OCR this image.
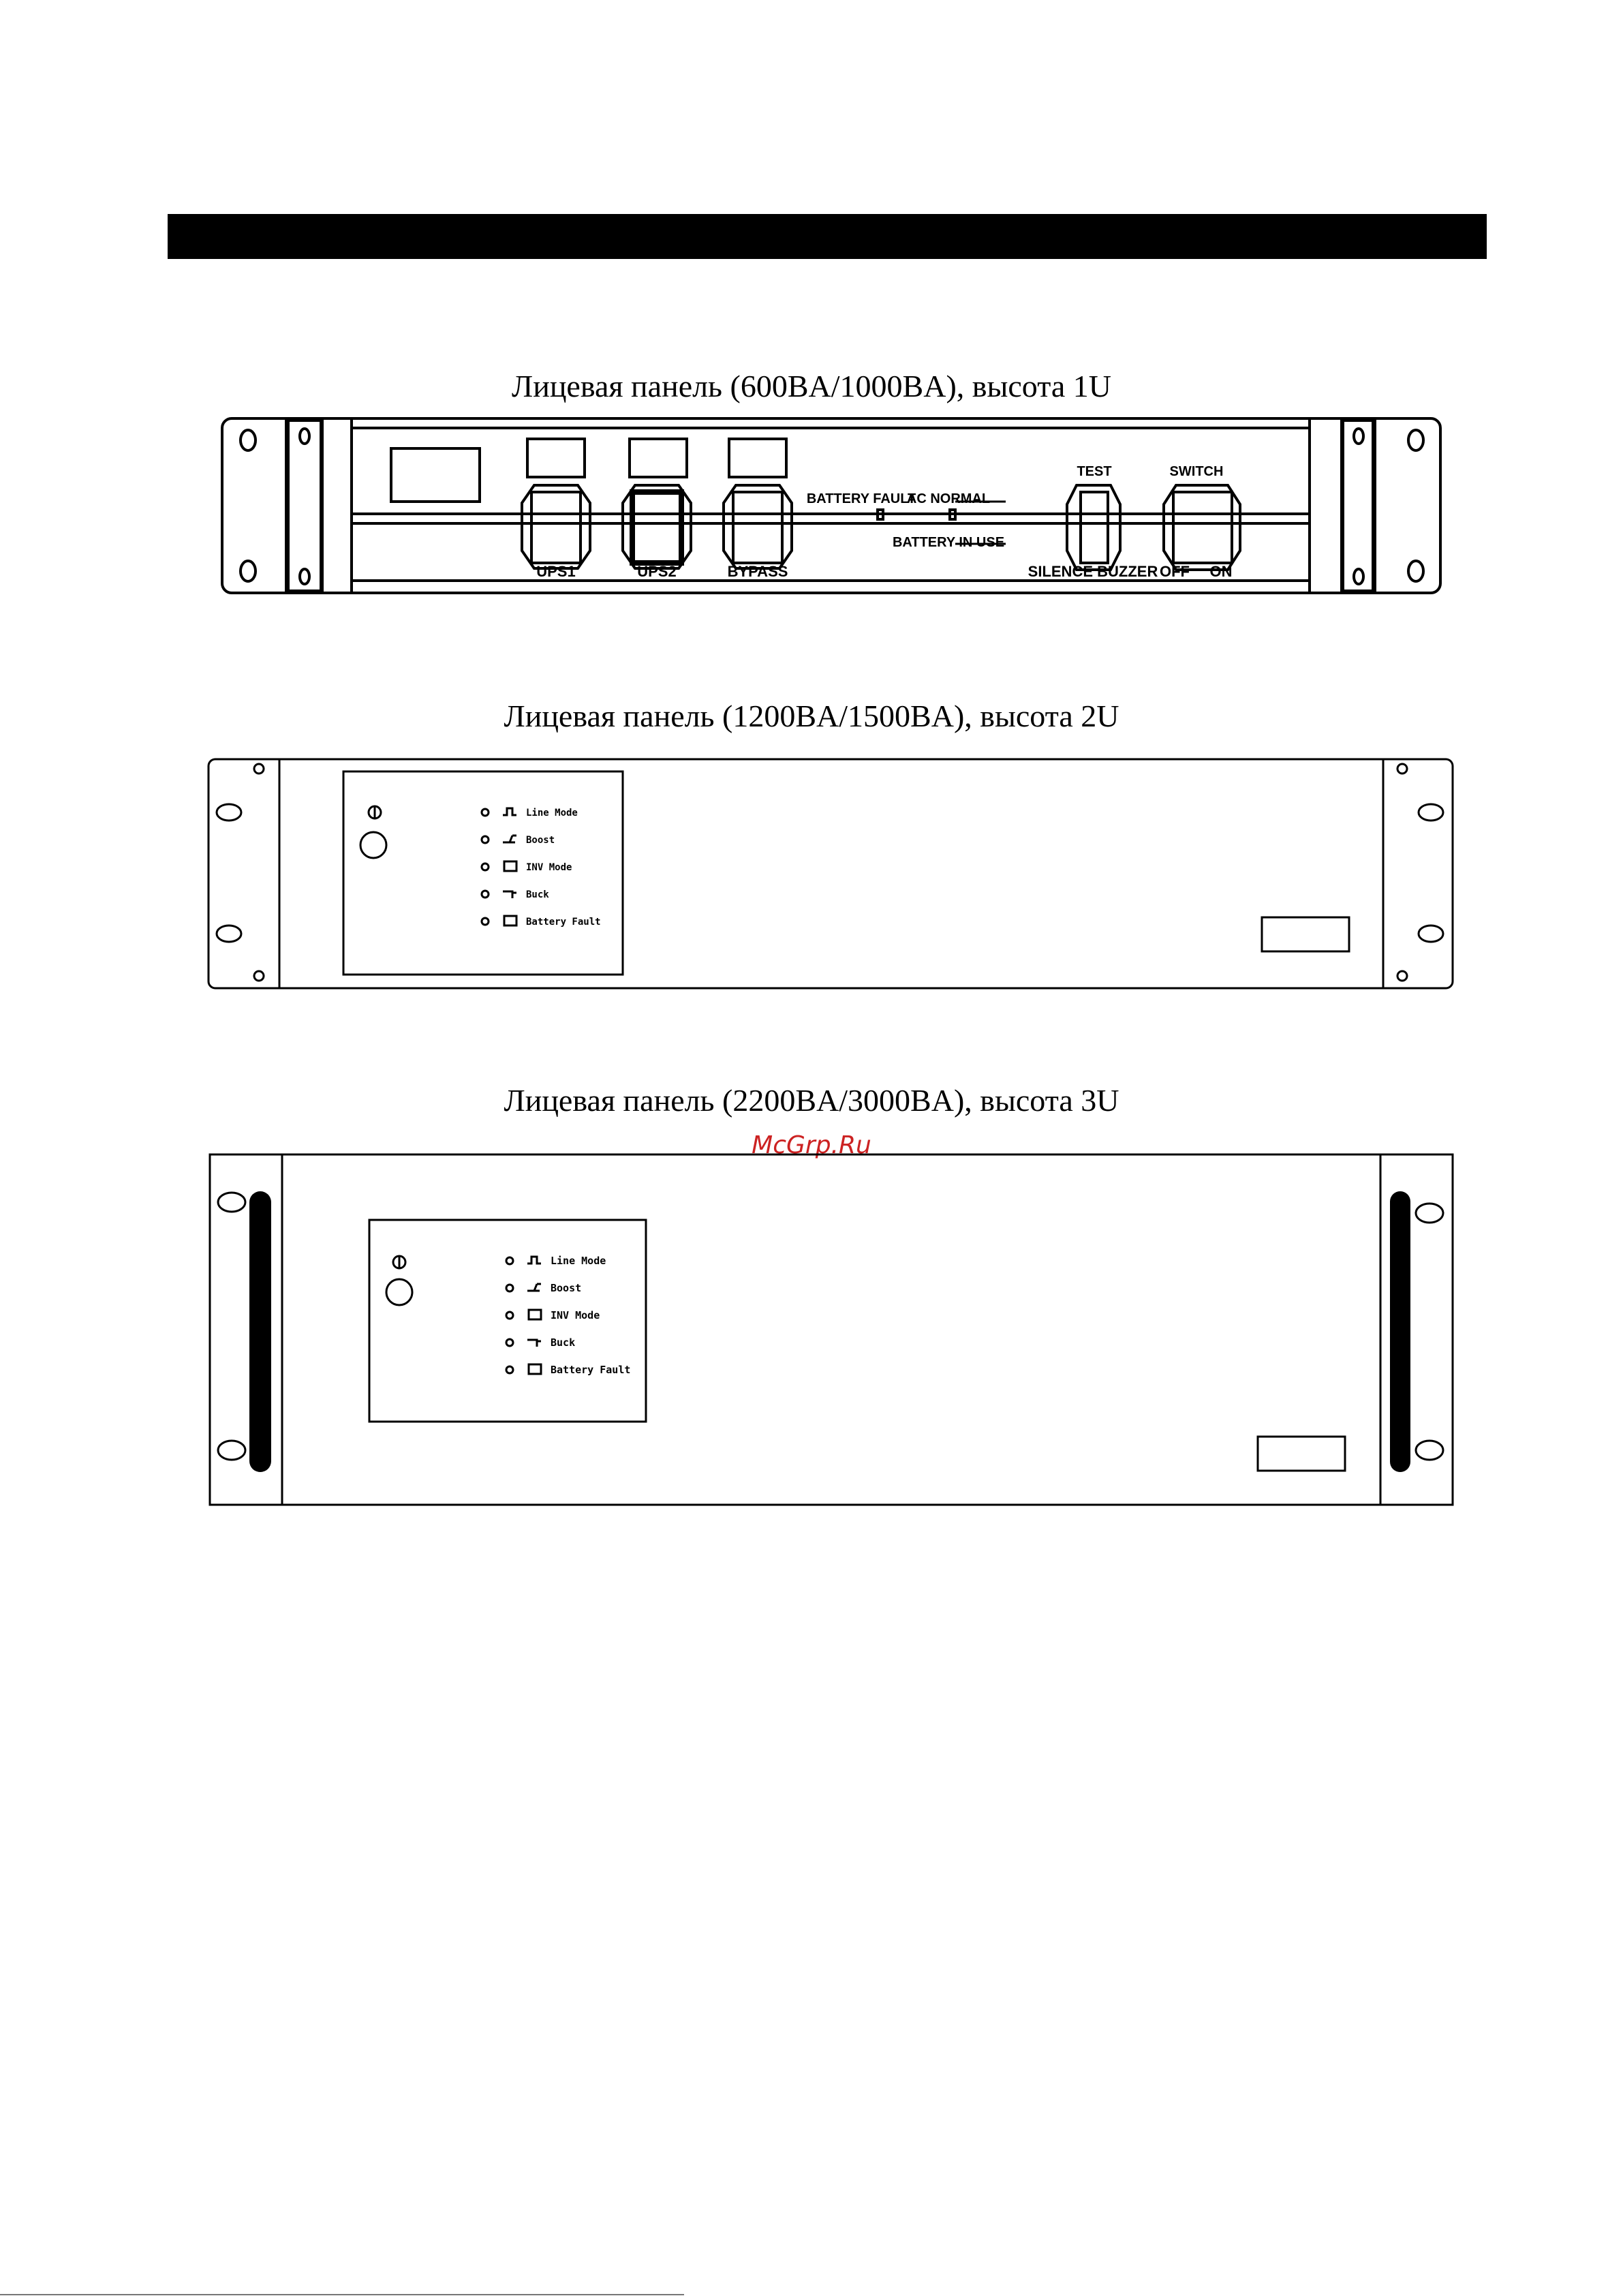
Лицевая панель (600BA/1000BA), высота 1U
UPS1	UPS2	BYPASS
BATTERY FAULT
AC NORMAL
BATTERY IN USE
TEST
SILENCE BUZZER
SWITCH
OFF ON
Лицевая панель (1200BA/1500BA), высота 2U
Line Mode
Boost
INV Mode
Buck
Battery Fault
Лицевая панель (2200BA/3000BA), высота 3U
McGrp.Ru
Line Mode
Boost
INV Mode
Buck
Battery Fault
